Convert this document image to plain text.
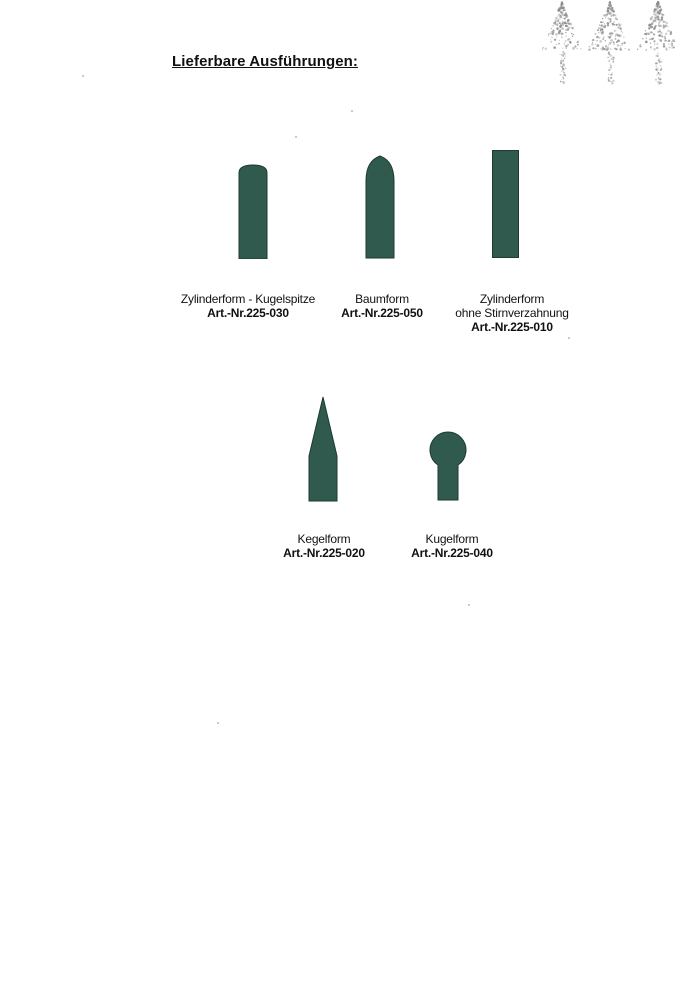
Lieferbare Ausführungen:
Zylinderform - Kugelspitze
Art.-Nr.225-030
Baumform
Art.-Nr.225-050
Zylinderform
ohne Stirnverzahnung
Art.-Nr.225-010
Kegelform
Art.-Nr.225-020
Kugelform
Art.-Nr.225-040
